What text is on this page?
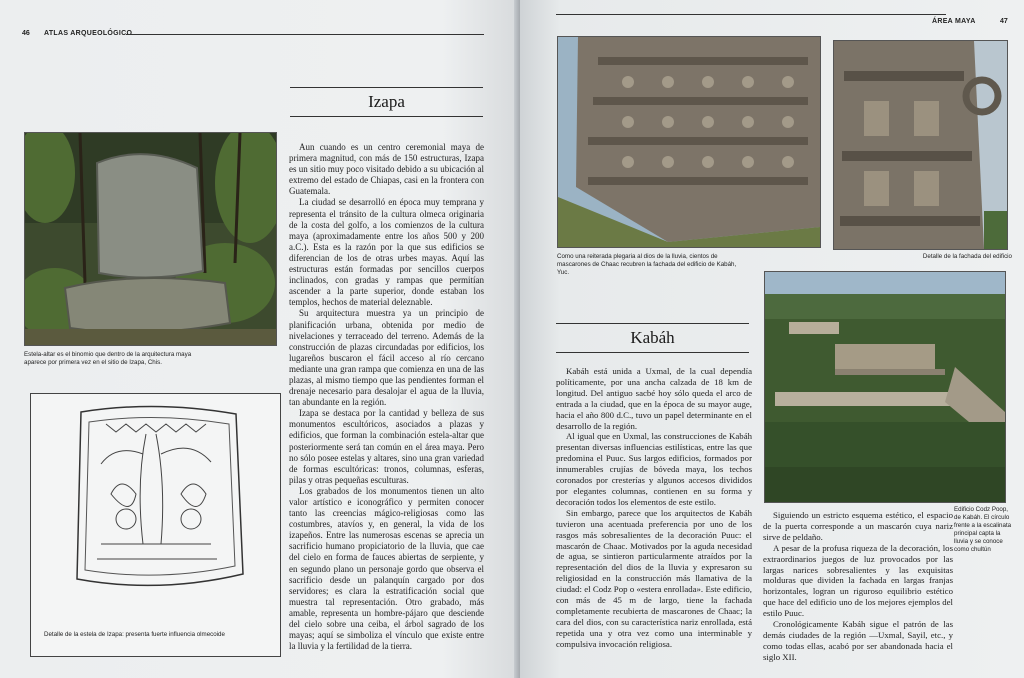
46 ATLAS ARQUEOLÓGICO
Izapa
Estela-altar es el binomio que dentro de la arquitectura maya aparece por primera vez en el sitio de Izapa, Chis.
Detalle de la estela de Izapa: presenta fuerte influencia olmecoide

Aun cuando es un centro ceremonial maya de primera magnitud, con más de 150 estructuras, Izapa es un sitio muy poco visitado debido a su ubicación al extremo del estado de Chiapas, casi en la frontera con Guatemala.

La ciudad se desarrolló en época muy temprana y representa el tránsito de la cultura olmeca originaria de la costa del golfo, a los comienzos de la cultura maya (aproximadamente entre los años 500 y 200 a.C.). Esta es la razón por la que sus edificios se diferencian de los de otras urbes mayas. Aquí las estructuras están formadas por sencillos cuerpos inclinados, con gradas y rampas que permitían ascender a la parte superior, donde estaban los templos, hechos de material deleznable.

Su arquitectura muestra ya un principio de planificación urbana, obtenida por medio de nivelaciones y terraceado del terreno. Además de la construcción de plazas circundadas por edificios, los lugareños buscaron el fácil acceso al río cercano mediante una gran rampa que comienza en una de las plazas, al mismo tiempo que las pendientes forman el drenaje necesario para desalojar el agua de la lluvia, tan abundante en la región.

Izapa se destaca por la cantidad y belleza de sus monumentos escultóricos, asociados a plazas y edificios, que forman la combinación estela-altar que posteriormente será tan común en el área maya. Pero no sólo posee estelas y altares, sino una gran variedad de formas escultóricas: tronos, columnas, esferas, pilas y otras pequeñas esculturas.

Los grabados de los monumentos tienen un alto valor artístico e iconográfico y permiten conocer tanto las creencias mágico-religiosas como las costumbres, atavíos y, en general, la vida de los izapeños. Entre las numerosas escenas se aprecia un sacrificio humano propiciatorio de la lluvia, que cae del cielo en forma de fauces abiertas de serpiente, y en segundo plano un personaje gordo que observa el sacrificio desde un palanquín cargado por dos servidores; es clara la estratificación social que muestra tal representación. Otro grabado, más amable, representa un hombre-pájaro que desciende del cielo sobre una ceiba, el árbol sagrado de los mayas; aquí se simboliza el vínculo que existe entre la lluvia y la fertilidad de la tierra.

ÁREA MAYA	47
Como una reiterada plegaria al dios de la lluvia, cientos de mascarones de Chaac recubren la fachada del edificio de Kabáh, Yuc.
Detalle de la fachada del edificio
Edificio Codz Poop, de Kabáh. El círculo frente a la escalinata principal capta la lluvia y se conoce como chultún
Kabáh

Kabáh está unida a Uxmal, de la cual dependía políticamente, por una ancha calzada de 18 km de longitud. Del antiguo sacbé hoy sólo queda el arco de entrada a la ciudad, que en la época de su mayor auge, hacia el año 800 d.C., tuvo un papel determinante en el desarrollo de la región.

Al igual que en Uxmal, las construcciones de Kabáh presentan diversas influencias estilísticas, entre las que predomina el Puuc. Sus largos edificios, formados por innumerables crujías de bóveda maya, los techos coronados por cresterías y algunos accesos divididos por elegantes columnas, contienen en su forma y decoración todos los elementos de este estilo.

Sin embargo, parece que los arquitectos de Kabáh tuvieron una acentuada preferencia por uno de los rasgos más sobresalientes de la decoración Puuc: el mascarón de Chaac. Motivados por la aguda necesidad de agua, se sintieron particularmente atraídos por la representación del dios de la lluvia y expresaron su religiosidad en la construcción más llamativa de la ciudad: el Codz Pop o «estera enrollada». Este edificio, con más de 45 m de largo, tiene la fachada completamente recubierta de mascarones de Chaac; la cara del dios, con su característica nariz enrollada, está repetida una y otra vez como una interminable y compulsiva invocación religiosa.

Siguiendo un estricto esquema estético, el espacio de la puerta corresponde a un mascarón cuya nariz sirve de peldaño.

A pesar de la profusa riqueza de la decoración, los extraordinarios juegos de luz provocados por las largas narices sobresalientes y las exquisitas molduras que dividen la fachada en largas franjas horizontales, logran un riguroso equilibrio estético que hace del edificio uno de los mejores ejemplos del estilo Puuc.

Cronológicamente Kabáh sigue el patrón de las demás ciudades de la región —Uxmal, Sayil, etc., y como todas ellas, acabó por ser abandonada hacia el siglo XII.
